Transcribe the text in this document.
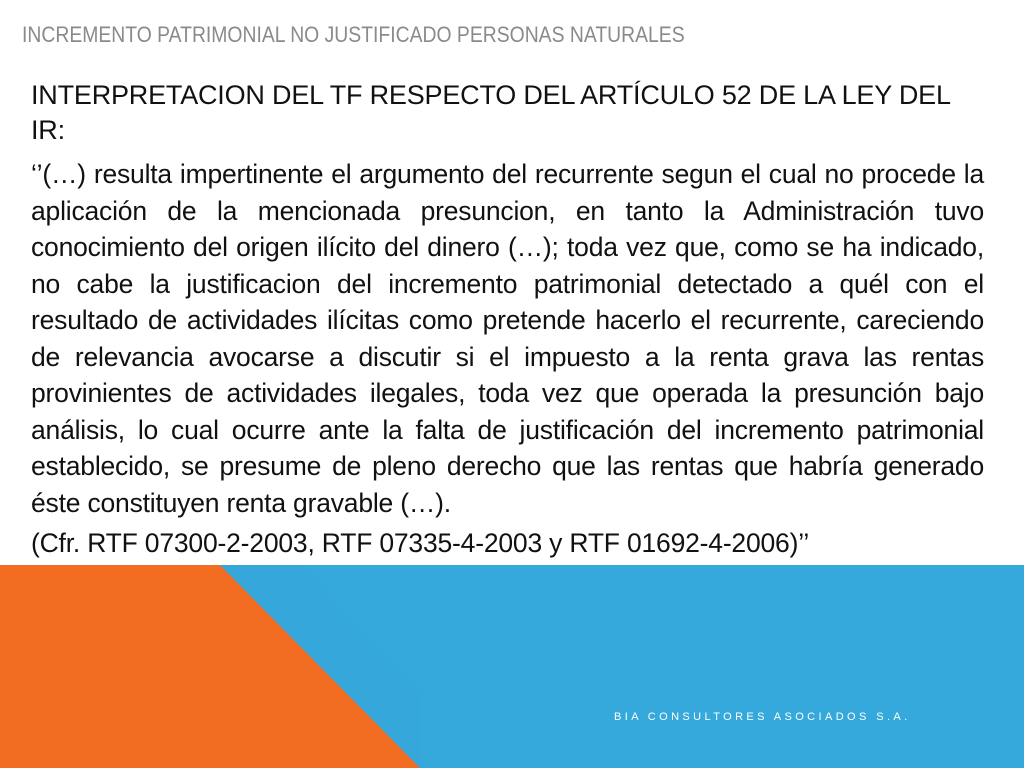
INCREMENTO PATRIMONIAL NO JUSTIFICADO PERSONAS NATURALES

INTERPRETACION DEL TF RESPECTO DEL ARTÍCULO 52 DE LA LEY DEL IR:

‘’(…) resulta impertinente el argumento del recurrente segun el cual no procede la aplicación de la mencionada presuncion, en tanto la Administración tuvo conocimiento del origen ilícito del dinero (…); toda vez que, como se ha indicado, no cabe la justificacion del incremento patrimonial detectado a quél con el resultado de actividades ilícitas como pretende hacerlo el recurrente, careciendo de relevancia avocarse a discutir si el impuesto a la renta grava las rentas provinientes de actividades ilegales, toda vez que operada la presunción bajo análisis, lo cual ocurre ante la falta de justificación del incremento patrimonial establecido, se presume de pleno derecho que las rentas que habría generado éste constituyen renta gravable (…).

(Cfr. RTF 07300-2-2003, RTF 07335-4-2003 y RTF 01692-4-2006)’’

BIA CONSULTORES ASOCIADOS S.A.
